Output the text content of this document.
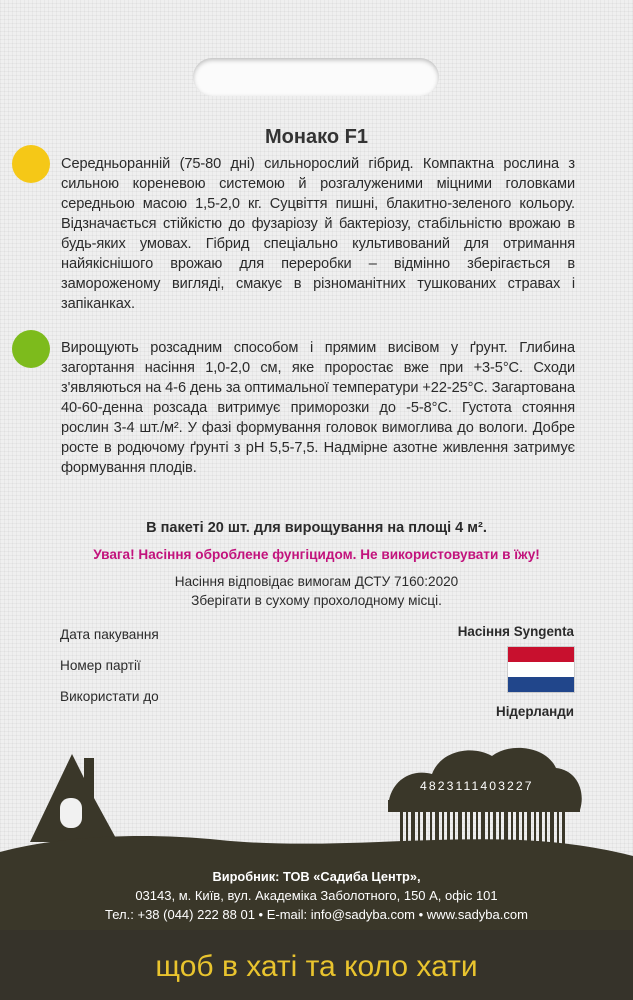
Монако F1

Середньоранній (75-80 дні) сильнорослий гібрид. Компактна рослина з сильною кореневою системою й розгалуженими міцними головками середньою масою 1,5-2,0 кг. Суцвіття пишні, блакитно-зеленого кольору. Відзначається стійкістю до фузаріозу й бактеріозу, стабільністю врожаю в будь-яких умовах. Гібрид спеціально культивований для отримання найякіснішого врожаю для переробки – відмінно зберігається в замороженому вигляді, смакує в різноманітних тушкованих стравах і запіканках.

Вирощують розсадним способом і прямим висівом у ґрунт. Глибина загортання насіння 1,0-2,0 см, яке проростає вже при +3-5°С. Сходи з'являються на 4-6 день за оптимальної температури +22-25°С. Загартована 40-60-денна розсада витримує приморозки до -5-8°С. Густота стояння рослин 3-4 шт./м². У фазі формування головок вимоглива до вологи. Добре росте в родючому ґрунті з рН 5,5-7,5. Надмірне азотне живлення затримує формування плодів.

В пакеті 20 шт. для вирощування на площі 4 м².

Увага! Насіння оброблене фунгіцидом. Не використовувати в їжу!

Насіння відповідає вимогам ДСТУ 7160:2020

Зберігати в сухому прохолодному місці.

Дата пакування

Номер партії

Використати до

Насіння Syngenta

Нідерланди

4823111403227

Виробник: ТОВ «Садиба Центр»,

03143, м. Київ, вул. Академіка Заболотного, 150 А, офіс 101

Тел.: +38 (044) 222 88 01 • E-mail: info@sadyba.com • www.sadyba.com

щоб в хаті та коло хати
